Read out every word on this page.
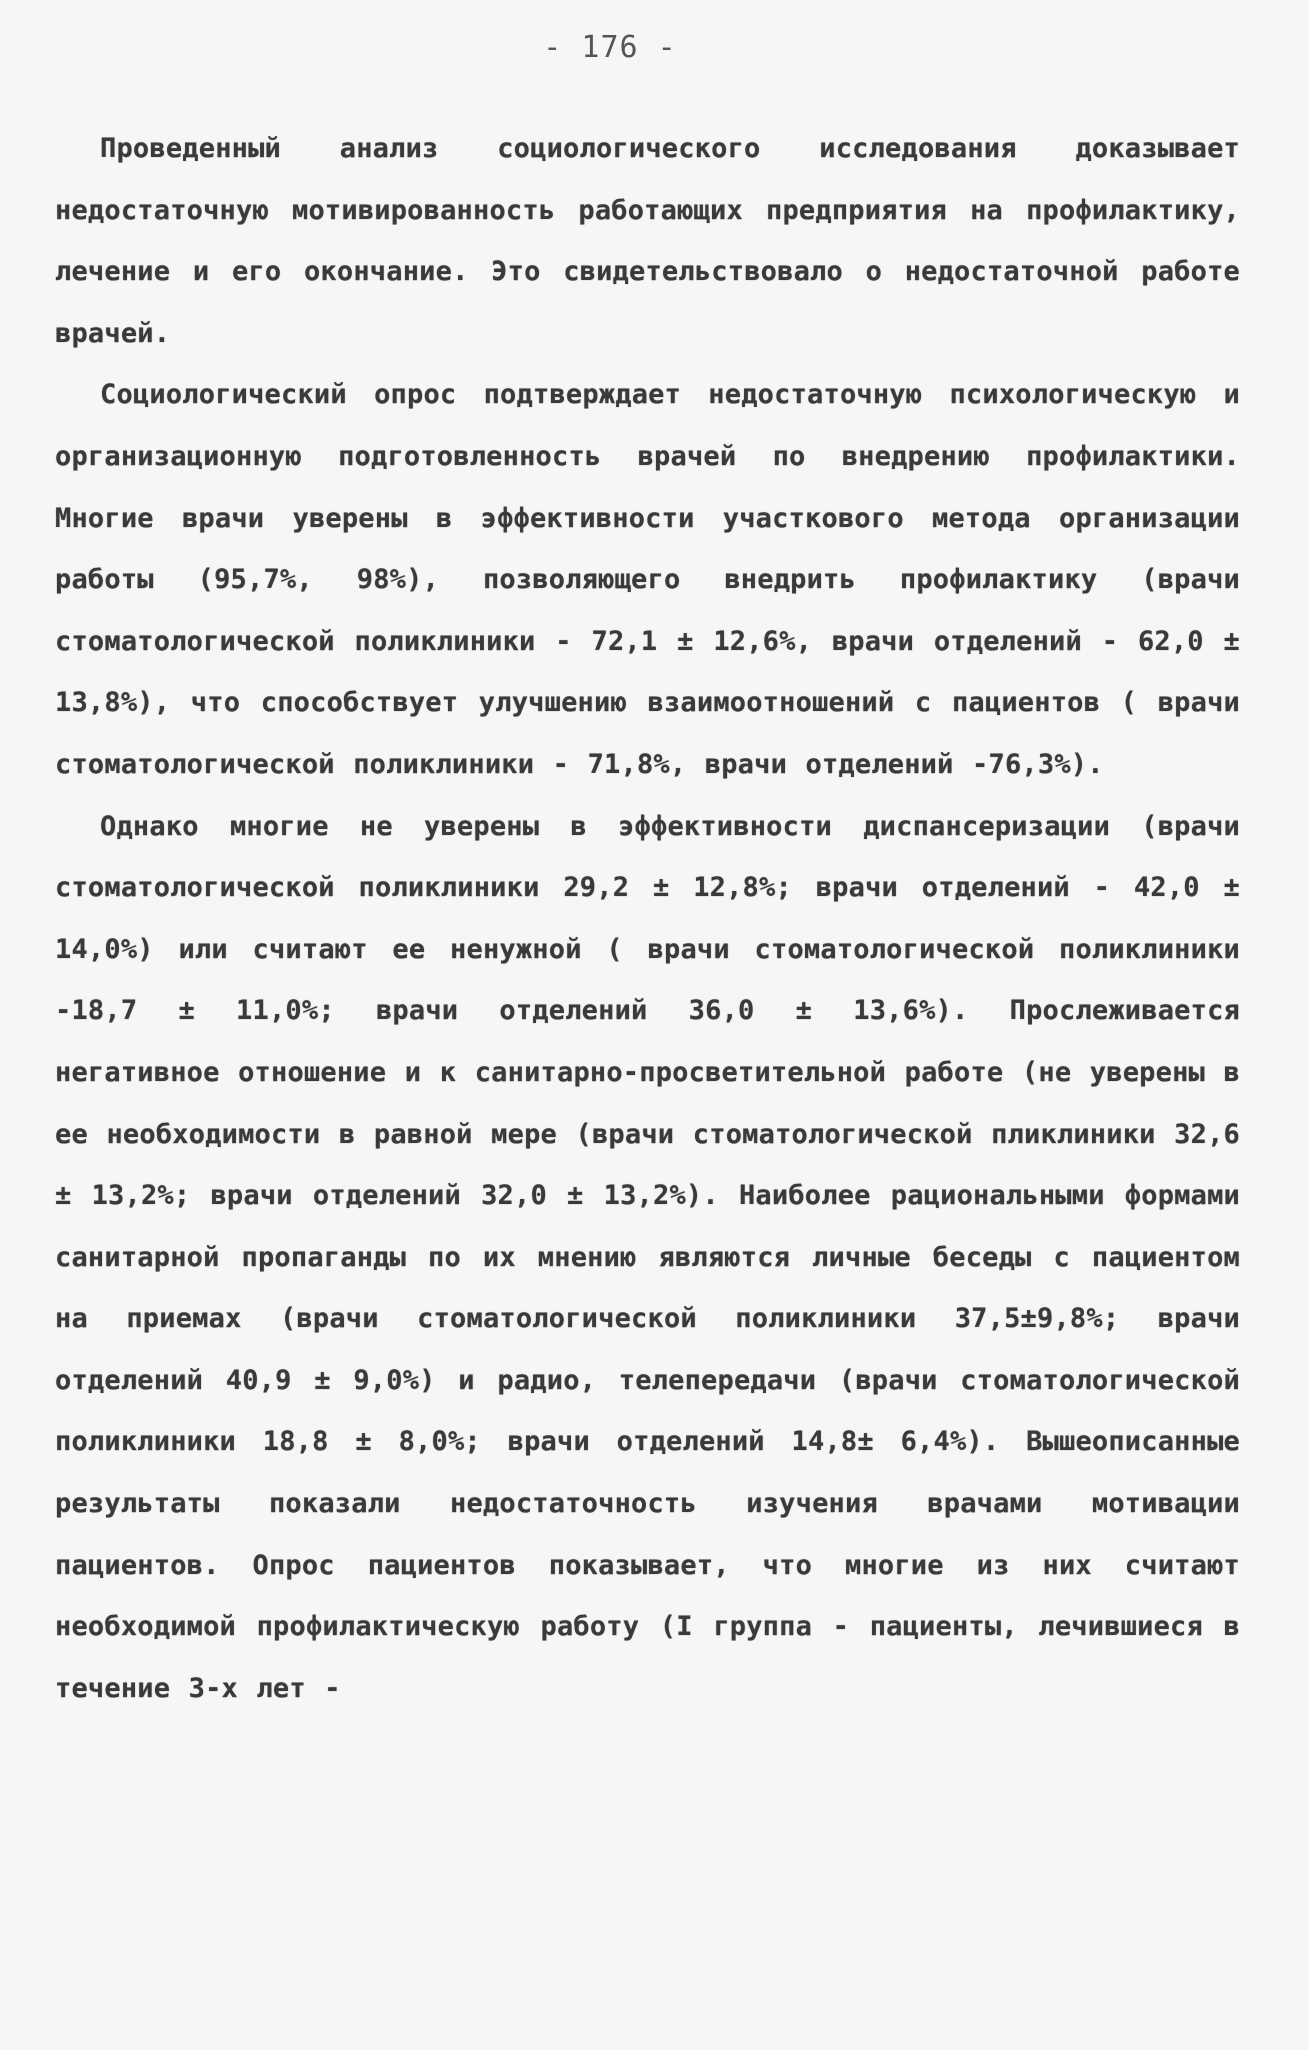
- 176 -

Проведенный анализ социологического исследования доказывает недостаточную мотивированность работающих предприятия на профилактику, лечение и его окончание. Это свидетельствовало о недостаточной работе врачей.

Социологический опрос подтверждает недостаточную психологическую и организационную подготовленность врачей по внедрению профилактики. Многие врачи уверены в эффективности участкового метода организации работы (95,7%, 98%), позволяющего внедрить профилактику (врачи стоматологической поликлиники - 72,1 ± 12,6%, врачи отделений - 62,0 ± 13,8%), что способствует улучшению взаимоотношений с пациентов ( врачи стоматологической поликлиники - 71,8%, врачи отделений -76,3%).

Однако многие не уверены в эффективности диспансеризации (врачи стоматологической поликлиники 29,2 ± 12,8%; врачи отделений - 42,0 ± 14,0%) или считают ее ненужной ( врачи стоматологической поликлиники -18,7 ± 11,0%; врачи отделений 36,0 ± 13,6%). Прослеживается негативное отношение и к санитарно-просветительной работе (не уверены в ее необходимости в равной мере (врачи стоматологической пликлиники 32,6 ± 13,2%; врачи отделений 32,0 ± 13,2%). Наиболее рациональными формами санитарной пропаганды по их мнению являются личные беседы с пациентом на приемах (врачи стоматологической поликлиники 37,5±9,8%; врачи отделений 40,9 ± 9,0%) и радио, телепередачи (врачи стоматологической поликлиники 18,8 ± 8,0%; врачи отделений 14,8± 6,4%). Вышеописанные результаты показали недостаточность изучения врачами мотивации пациентов. Опрос пациентов показывает, что многие из них считают необходимой профилактическую работу (I группа - пациенты, лечившиеся в течение 3-х лет -
